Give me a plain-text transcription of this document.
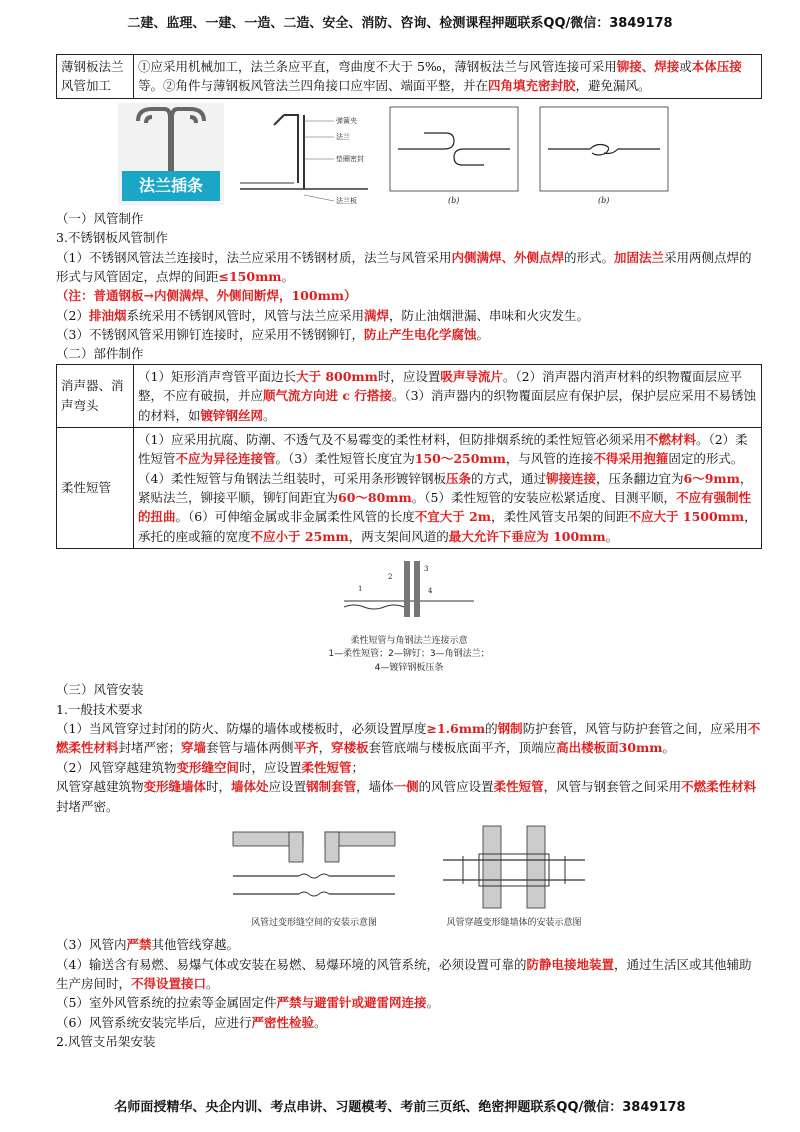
二建、监理、一建、一造、二造、安全、消防、咨询、检测课程押题联系QQ/微信：3849178
薄钢板法兰风管加工	①应采用机械加工，法兰条应平直，弯曲度不大于 5‰，薄钢板法兰与风管连接可采用铆接、焊接或本体压接等。②角件与薄钢板风管法兰四角接口应牢固、端面平整，并在四角填充密封胶，避免漏风。
法兰插条
弹簧夹
法兰
垫圈密封
法兰板	(b)	(b)

（一）风管制作

3.不锈钢板风管制作

（1）不锈钢风管法兰连接时，法兰应采用不锈钢材质，法兰与风管采用内侧满焊、外侧点焊的形式。加固法兰采用两侧点焊的形式与风管固定，点焊的间距≤150mm。

（注：普通钢板→内侧满焊、外侧间断焊，100mm）

（2）排油烟系统采用不锈钢风管时，风管与法兰应采用满焊，防止油烟泄漏、串味和火灾发生。

（3）不锈钢风管采用铆钉连接时，应采用不锈钢铆钉，防止产生电化学腐蚀。

（二）部件制作

消声器、消声弯头	（1）矩形消声弯管平面边长大于 800mm时，应设置吸声导流片。（2）消声器内消声材料的织物覆面层应平整，不应有破损，并应顺气流方向进 c 行搭接。（3）消声器内的织物覆面层应有保护层，保护层应采用不易锈蚀的材料，如镀锌钢丝网。
柔性短管	（1）应采用抗腐、防潮、不透气及不易霉变的柔性材料，但防排烟系统的柔性短管必须采用不燃材料。（2）柔性短管不应为异径连接管。（3）柔性短管长度宜为150～250mm，与风管的连接不得采用抱箍固定的形式。（4）柔性短管与角钢法兰组装时，可采用条形镀锌钢板压条的方式，通过铆接连接，压条翻边宜为6～9mm，紧贴法兰，铆接平顺，铆钉间距宜为60～80mm。（5）柔性短管的安装应松紧适度、目测平顺，不应有强制性的扭曲。（6）可伸缩金属或非金属柔性风管的长度不宜大于 2m，柔性风管支吊架的间距不应大于 1500mm，承托的座或箍的宽度不应小于 25mm，两支架间风道的最大允许下垂应为 100mm。
1
2
3
4
柔性短管与角钢法兰连接示意
1—柔性短管；2—铆钉；3—角钢法兰；
4—镀锌钢板压条

（三）风管安装

1.一般技术要求

（1）当风管穿过封闭的防火、防爆的墙体或楼板时，必须设置厚度≥1.6mm的钢制防护套管，风管与防护套管之间，应采用不燃柔性材料封堵严密；穿墙套管与墙体两侧平齐，穿楼板套管底端与楼板底面平齐，顶端应高出楼板面30mm。

（2）风管穿越建筑物变形缝空间时，应设置柔性短管；

风管穿越建筑物变形缝墙体时，墙体处应设置钢制套管，墙体一侧的风管应设置柔性短管，风管与钢套管之间采用不燃柔性材料封堵严密。

风管过变形缝空间的安装示意图	风管穿越变形缝墙体的安装示意图

（3）风管内严禁其他管线穿越。

（4）输送含有易燃、易爆气体或安装在易燃、易爆环境的风管系统，必须设置可靠的防静电接地装置，通过生活区或其他辅助生产房间时，不得设置接口。

（5）室外风管系统的拉索等金属固定件严禁与避雷针或避雷网连接。

（6）风管系统安装完毕后，应进行严密性检验。

2.风管支吊架安装

名师面授精华、央企内训、考点串讲、习题模考、考前三页纸、绝密押题联系QQ/微信：3849178
